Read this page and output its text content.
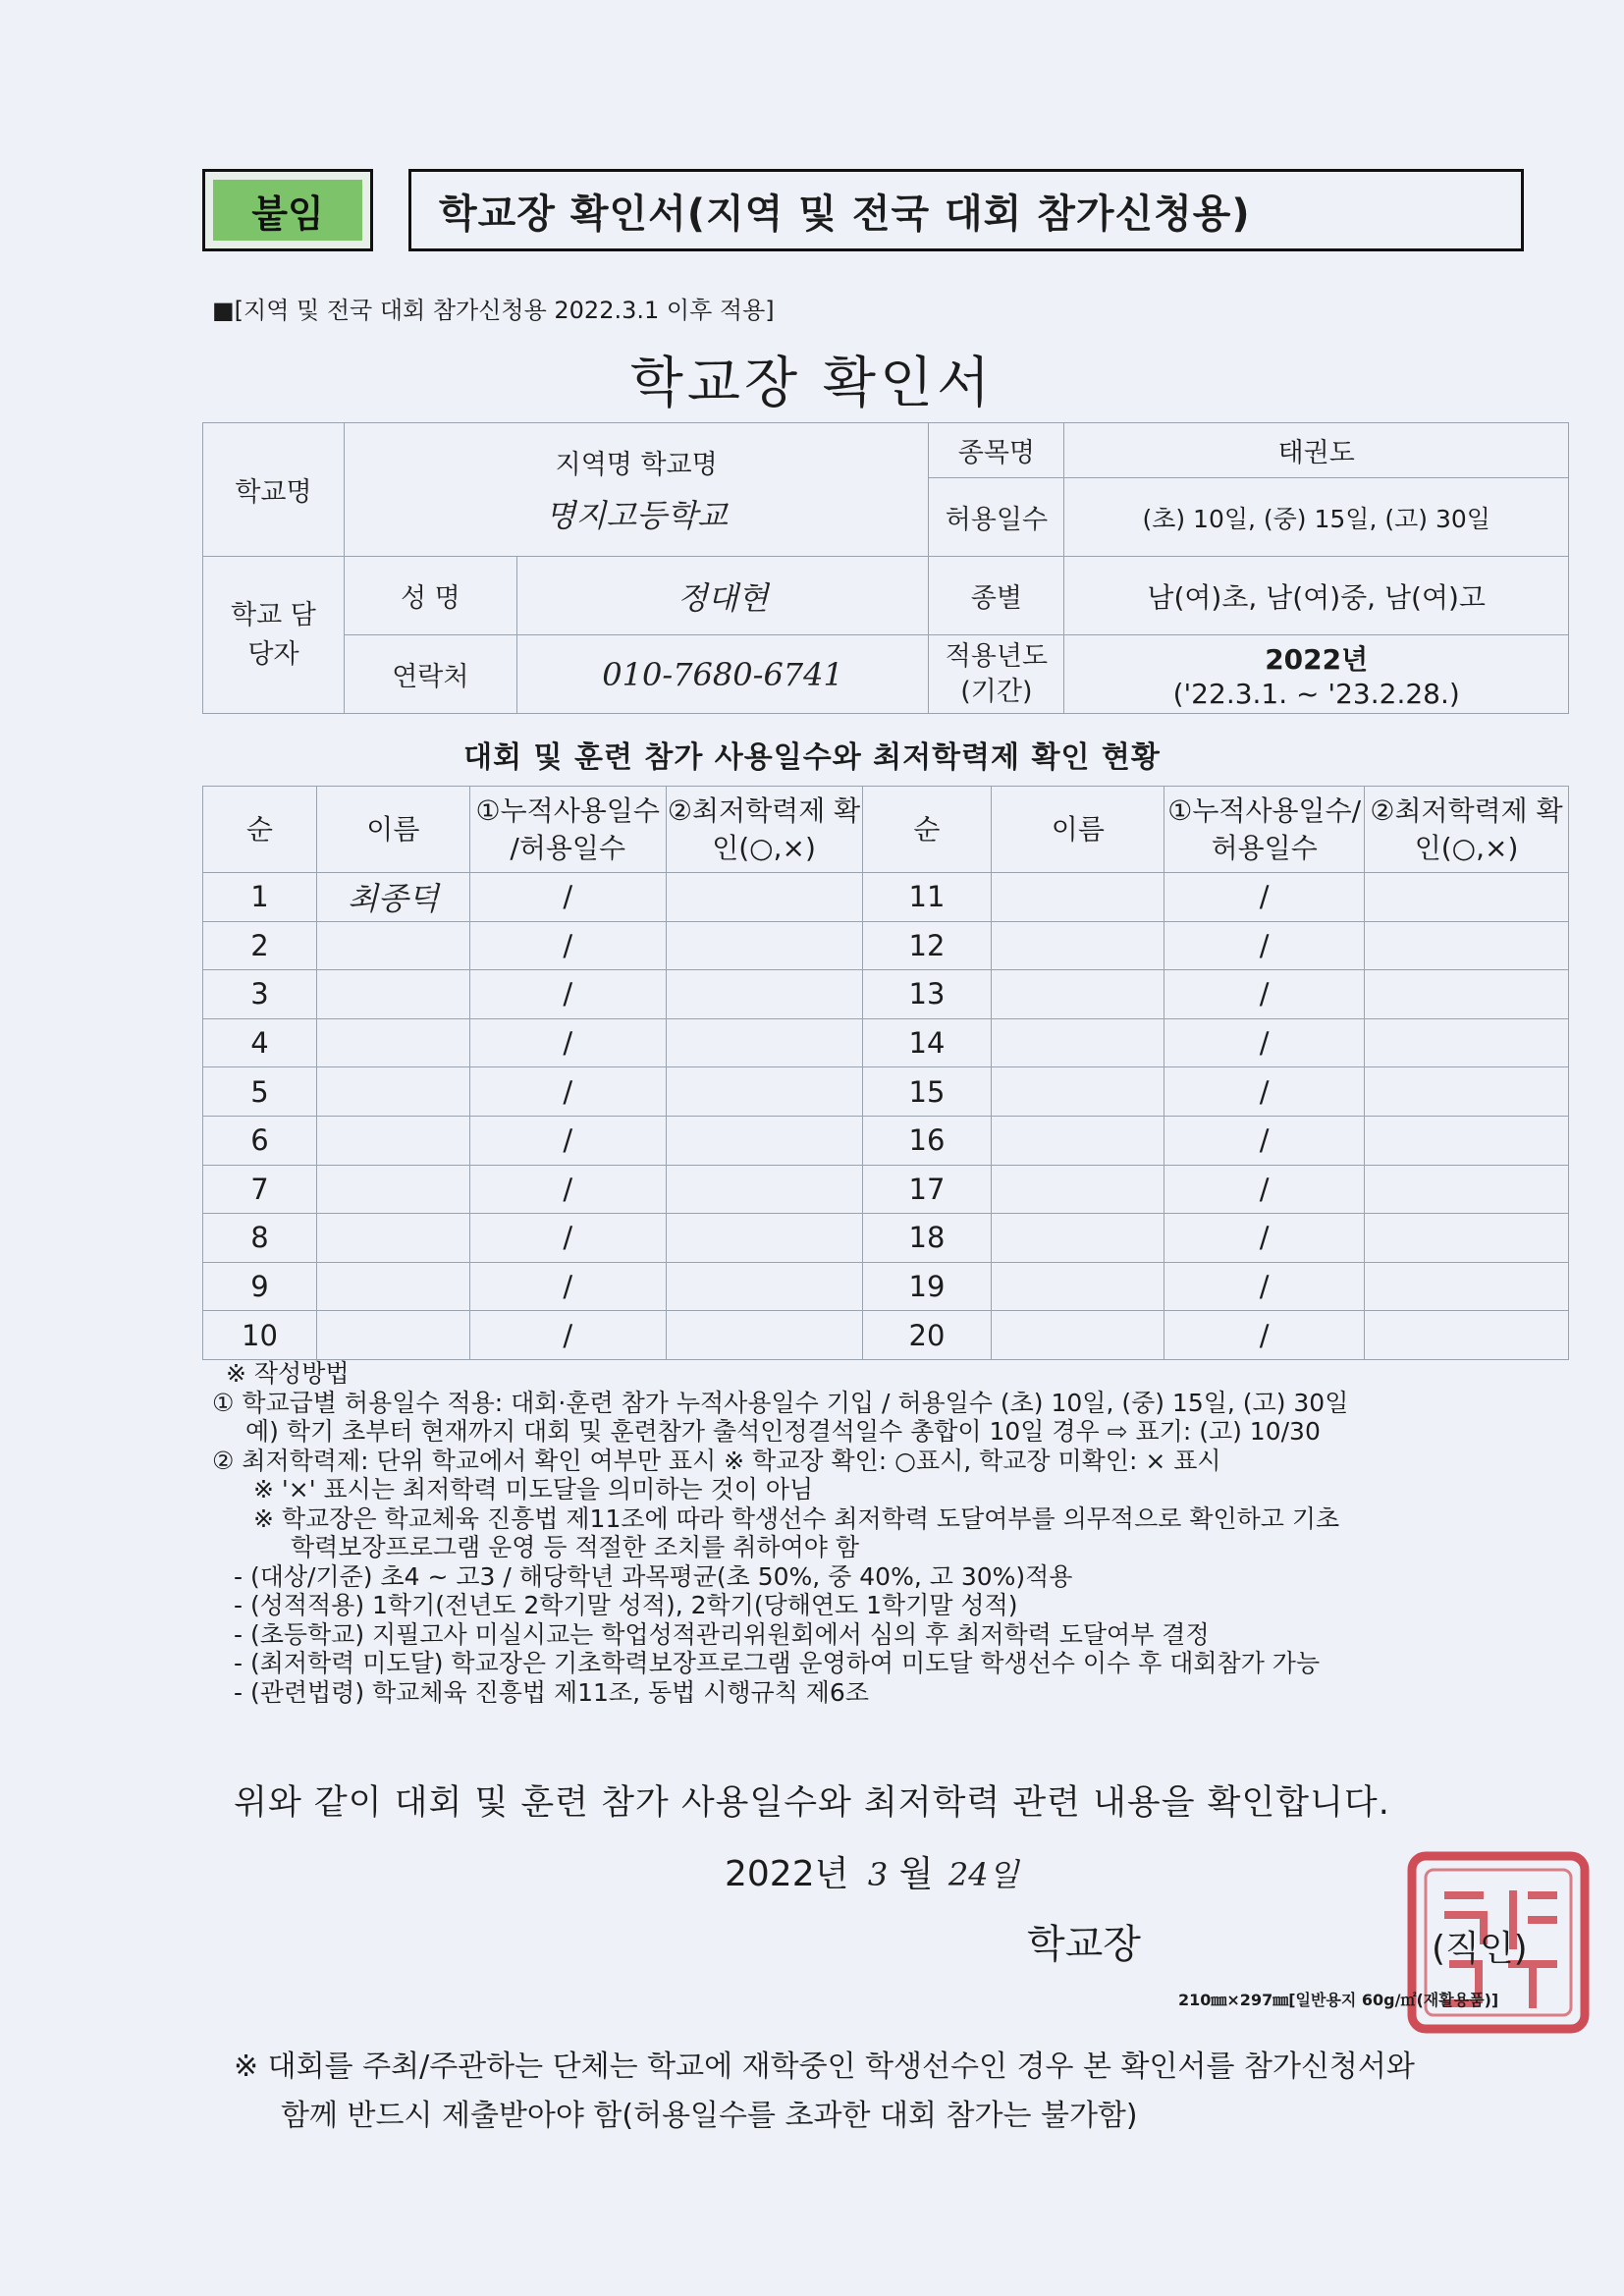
붙임	학교장 확인서(지역 및 전국 대회 참가신청용)
■[지역 및 전국 대회 참가신청용 2022.3.1 이후 적용]
학교장 확인서
학교명	지역명 학교명
명지고등학교		종목명	태권도
			허용일수	(초) 10일, (중) 15일, (고) 30일
학교 담당자	성 명	정대현	종별	남(여)초, 남(여)중, 남(여)고
	연락처	010-7680-6741	적용년도 (기간)	2022년
('22.3.1. ~ '23.2.28.)
대회 및 훈련 참가 사용일수와 최저학력제 확인 현황
순	이름	①누적사용일수 /허용일수	②최저학력제 확인(○,×)	순	이름	①누적사용일수/ 허용일수	②최저학력제 확인(○,×)
1	최종덕	/		11		/	
2		/		12		/	
3		/		13		/	
4		/		14		/	
5		/		15		/	
6		/		16		/	
7		/		17		/	
8		/		18		/	
9		/		19		/	
10		/		20		/	
※ 작성방법
① 학교급별 허용일수 적용: 대회·훈련 참가 누적사용일수 기입 / 허용일수 (초) 10일, (중) 15일, (고) 30일
예) 학기 초부터 현재까지 대회 및 훈련참가 출석인정결석일수 총합이 10일 경우 ⇨ 표기: (고) 10/30
② 최저학력제: 단위 학교에서 확인 여부만 표시 ※ 학교장 확인: ○표시, 학교장 미확인: × 표시
※ '×' 표시는 최저학력 미도달을 의미하는 것이 아님
※ 학교장은 학교체육 진흥법 제11조에 따라 학생선수 최저학력 도달여부를 의무적으로 확인하고 기초
학력보장프로그램 운영 등 적절한 조치를 취하여야 함
- (대상/기준) 초4 ~ 고3 / 해당학년 과목평균(초 50%, 중 40%, 고 30%)적용
- (성적적용) 1학기(전년도 2학기말 성적), 2학기(당해연도 1학기말 성적)
- (초등학교) 지필고사 미실시교는 학업성적관리위원회에서 심의 후 최저학력 도달여부 결정
- (최저학력 미도달) 학교장은 기초학력보장프로그램 운영하여 미도달 학생선수 이수 후 대회참가 가능
- (관련법령) 학교체육 진흥법 제11조, 동법 시행규칙 제6조
위와 같이 대회 및 훈련 참가 사용일수와 최저학력 관련 내용을 확인합니다.
2022년 3 월 24일
학교장	(직인)
210㎜×297㎜[일반용지 60g/㎡(재활용품)]
※ 대회를 주최/주관하는 단체는 학교에 재학중인 학생선수인 경우 본 확인서를 참가신청서와
함께 반드시 제출받아야 함(허용일수를 초과한 대회 참가는 불가함)
